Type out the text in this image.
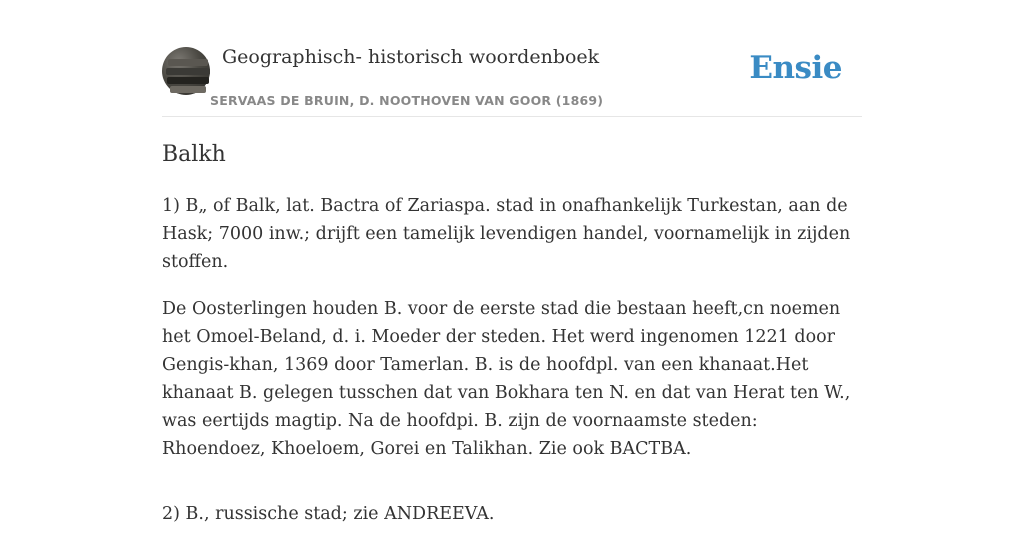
Geographisch- historisch woordenboek
SERVAAS DE BRUIN, D. NOOTHOVEN VAN GOOR (1869)
Ensie
Balkh

1) B„ of Balk, lat. Bactra of Zariaspa. stad in onafhankelijk Turkestan, aan de Hask; 7000 inw.; drijft een tamelijk levendigen handel, voornamelijk in zijden stoffen.

De Oosterlingen houden B. voor de eerste stad die bestaan heeft,cn noemen het Omoel-Beland, d. i. Moeder der steden. Het werd ingenomen 1221 door Gengis-khan, 1369 door Tamerlan. B. is de hoofdpl. van een khanaat.Het khanaat B. gelegen tusschen dat van Bokhara ten N. en dat van Herat ten W., was eertijds magtip. Na de hoofdpi. B. zijn de voornaamste steden: Rhoendoez, Khoeloem, Gorei en Talikhan. Zie ook BACTBA.

2) B., russische stad; zie ANDREEVA.
